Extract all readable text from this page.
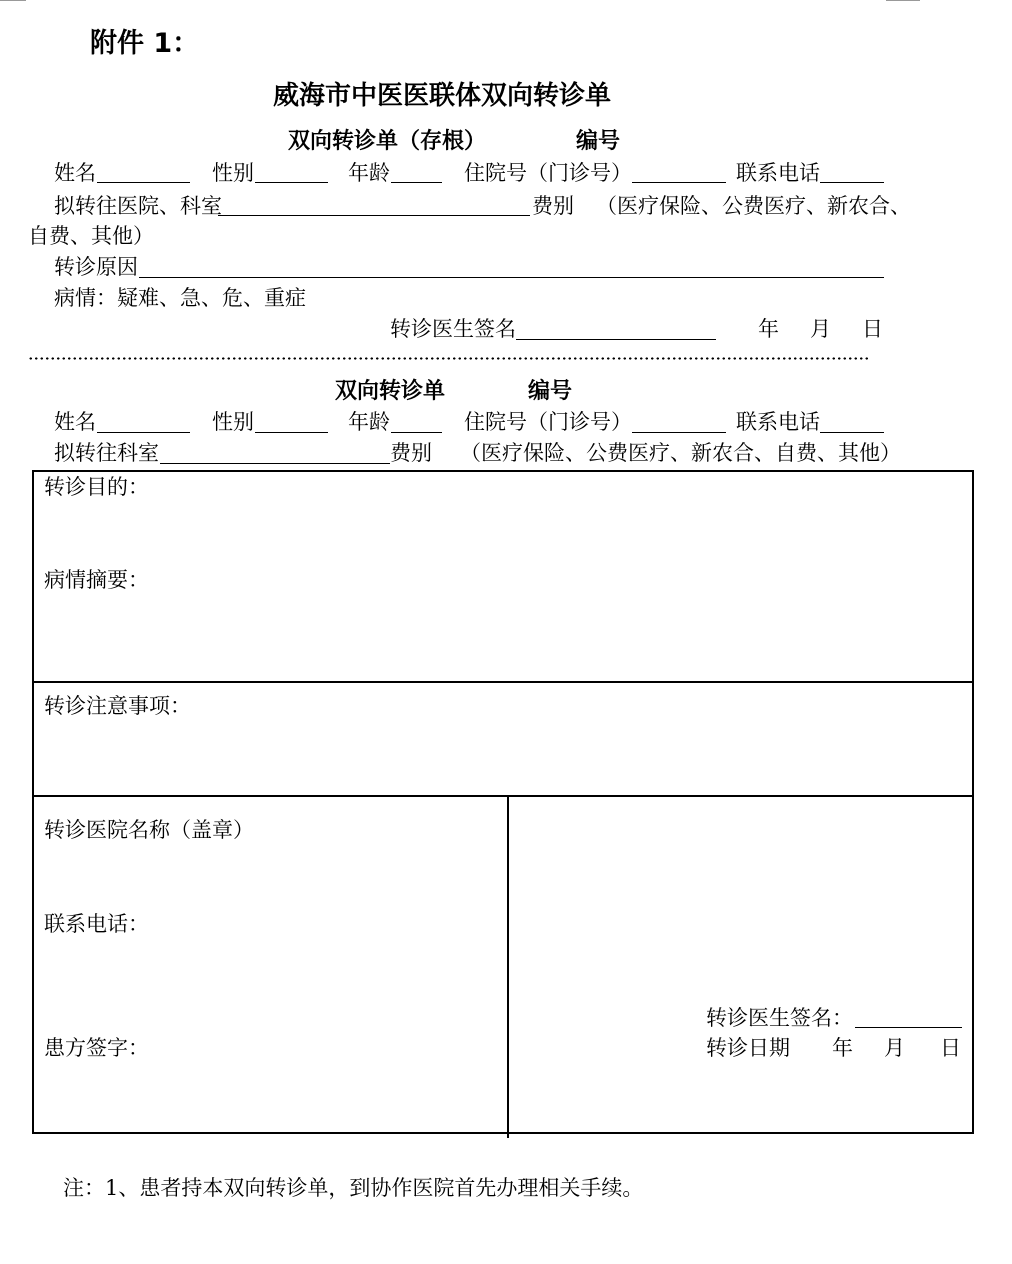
附件 1：
威海市中医医联体双向转诊单
双向转诊单（存根）	编号
姓名	性别	年龄	住院号（门诊号）	联系电话
拟转往医院、科室	费别 （医疗保险、公费医疗、新农合、
自费、其他）
转诊原因
病情：疑难、急、危、重症
转诊医生签名	年 月 日
双向转诊单	编号
姓名	性别	年龄	住院号（门诊号）	联系电话
拟转往科室	费别 （医疗保险、公费医疗、新农合、自费、其他）
转诊目的：
病情摘要：
转诊注意事项：
转诊医院名称（盖章）
联系电话：
患方签字：
转诊医生签名：
转诊日期 年 月 日
注：1、患者持本双向转诊单，到协作医院首先办理相关手续。
